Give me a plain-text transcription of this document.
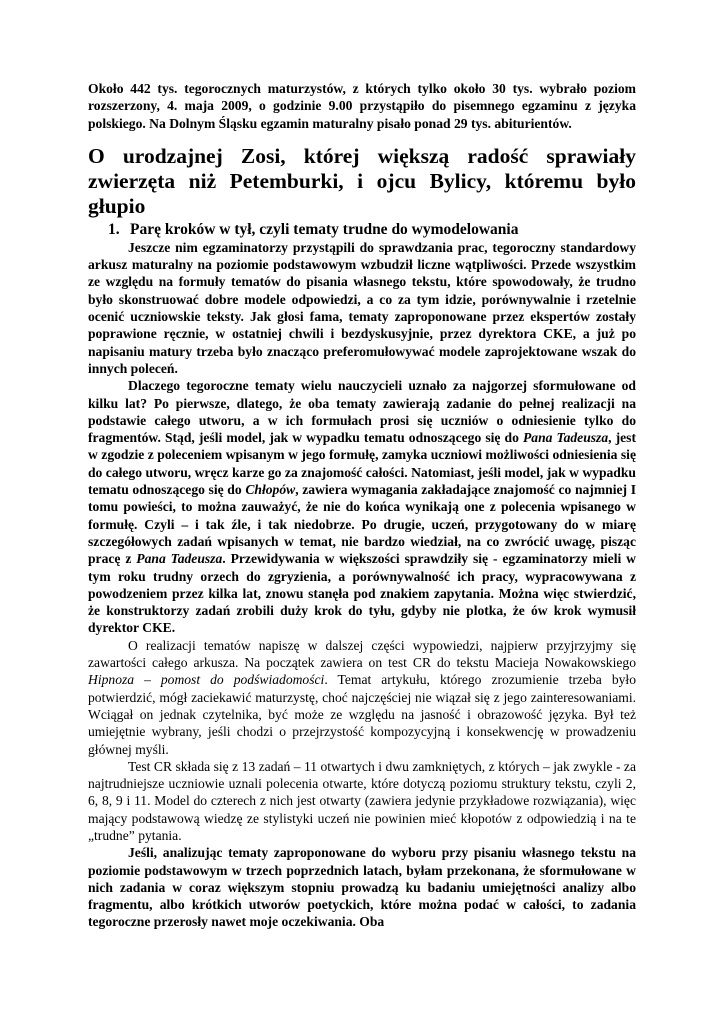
Około 442 tys. tegorocznych maturzystów, z których tylko około 30 tys. wybrało poziom rozszerzony, 4. maja 2009, o godzinie 9.00 przystąpiło do pisemnego egzaminu z języka polskiego. Na Dolnym Śląsku egzamin maturalny pisało ponad 29 tys. abiturientów.

O urodzajnej Zosi, której większą radość sprawiały zwierzęta niż Petemburki, i ojcu Bylicy, któremu było głupio
1. Parę kroków w tył, czyli tematy trudne do wymodelowania

Jeszcze nim egzaminatorzy przystąpili do sprawdzania prac, tegoroczny standardowy arkusz maturalny na poziomie podstawowym wzbudził liczne wątpliwości. Przede wszystkim ze względu na formuły tematów do pisania własnego tekstu, które spowodowały, że trudno było skonstruować dobre modele odpowiedzi, a co za tym idzie, porównywalnie i rzetelnie ocenić uczniowskie teksty. Jak głosi fama, tematy zaproponowane przez ekspertów zostały poprawione ręcznie, w ostatniej chwili i bezdyskusyjnie, przez dyrektora CKE, a już po napisaniu matury trzeba było znacząco preferomułowywać modele zaprojektowane wszak do innych poleceń.

Dlaczego tegoroczne tematy wielu nauczycieli uznało za najgorzej sformułowane od kilku lat? Po pierwsze, dlatego, że oba tematy zawierają zadanie do pełnej realizacji na podstawie całego utworu, a w ich formułach prosi się uczniów o odniesienie tylko do fragmentów. Stąd, jeśli model, jak w wypadku tematu odnoszącego się do Pana Tadeusza, jest w zgodzie z poleceniem wpisanym w jego formułę, zamyka uczniowi możliwości odniesienia się do całego utworu, wręcz karze go za znajomość całości. Natomiast, jeśli model, jak w wypadku tematu odnoszącego się do Chłopów, zawiera wymagania zakładające znajomość co najmniej I tomu powieści, to można zauważyć, że nie do końca wynikają one z polecenia wpisanego w formułę. Czyli – i tak źle, i tak niedobrze. Po drugie, uczeń, przygotowany do w miarę szczegółowych zadań wpisanych w temat, nie bardzo wiedział, na co zwrócić uwagę, pisząc pracę z Pana Tadeusza. Przewidywania w większości sprawdziły się - egzaminatorzy mieli w tym roku trudny orzech do zgryzienia, a porównywalność ich pracy, wypracowywana z powodzeniem przez kilka lat, znowu stanęła pod znakiem zapytania. Można więc stwierdzić, że konstruktorzy zadań zrobili duży krok do tyłu, gdyby nie plotka, że ów krok wymusił dyrektor CKE.

O realizacji tematów napiszę w dalszej części wypowiedzi, najpierw przyjrzyjmy się zawartości całego arkusza. Na początek zawiera on test CR do tekstu Macieja Nowakowskiego Hipnoza – pomost do podświadomości. Temat artykułu, którego zrozumienie trzeba było potwierdzić, mógł zaciekawić maturzystę, choć najczęściej nie wiązał się z jego zainteresowaniami. Wciągał on jednak czytelnika, być może ze względu na jasność i obrazowość języka. Był też umiejętnie wybrany, jeśli chodzi o przejrzystość kompozycyjną i konsekwencję w prowadzeniu głównej myśli.

Test CR składa się z 13 zadań – 11 otwartych i dwu zamkniętych, z których – jak zwykle - za najtrudniejsze uczniowie uznali polecenia otwarte, które dotyczą poziomu struktury tekstu, czyli 2, 6, 8, 9 i 11. Model do czterech z nich jest otwarty (zawiera jedynie przykładowe rozwiązania), więc mający podstawową wiedzę ze stylistyki uczeń nie powinien mieć kłopotów z odpowiedzią i na te „trudne” pytania.

Jeśli, analizując tematy zaproponowane do wyboru przy pisaniu własnego tekstu na poziomie podstawowym w trzech poprzednich latach, byłam przekonana, że sformułowane w nich zadania w coraz większym stopniu prowadzą ku badaniu umiejętności analizy albo fragmentu, albo krótkich utworów poetyckich, które można podać w całości, to zadania tegoroczne przerosły nawet moje oczekiwania. Oba
